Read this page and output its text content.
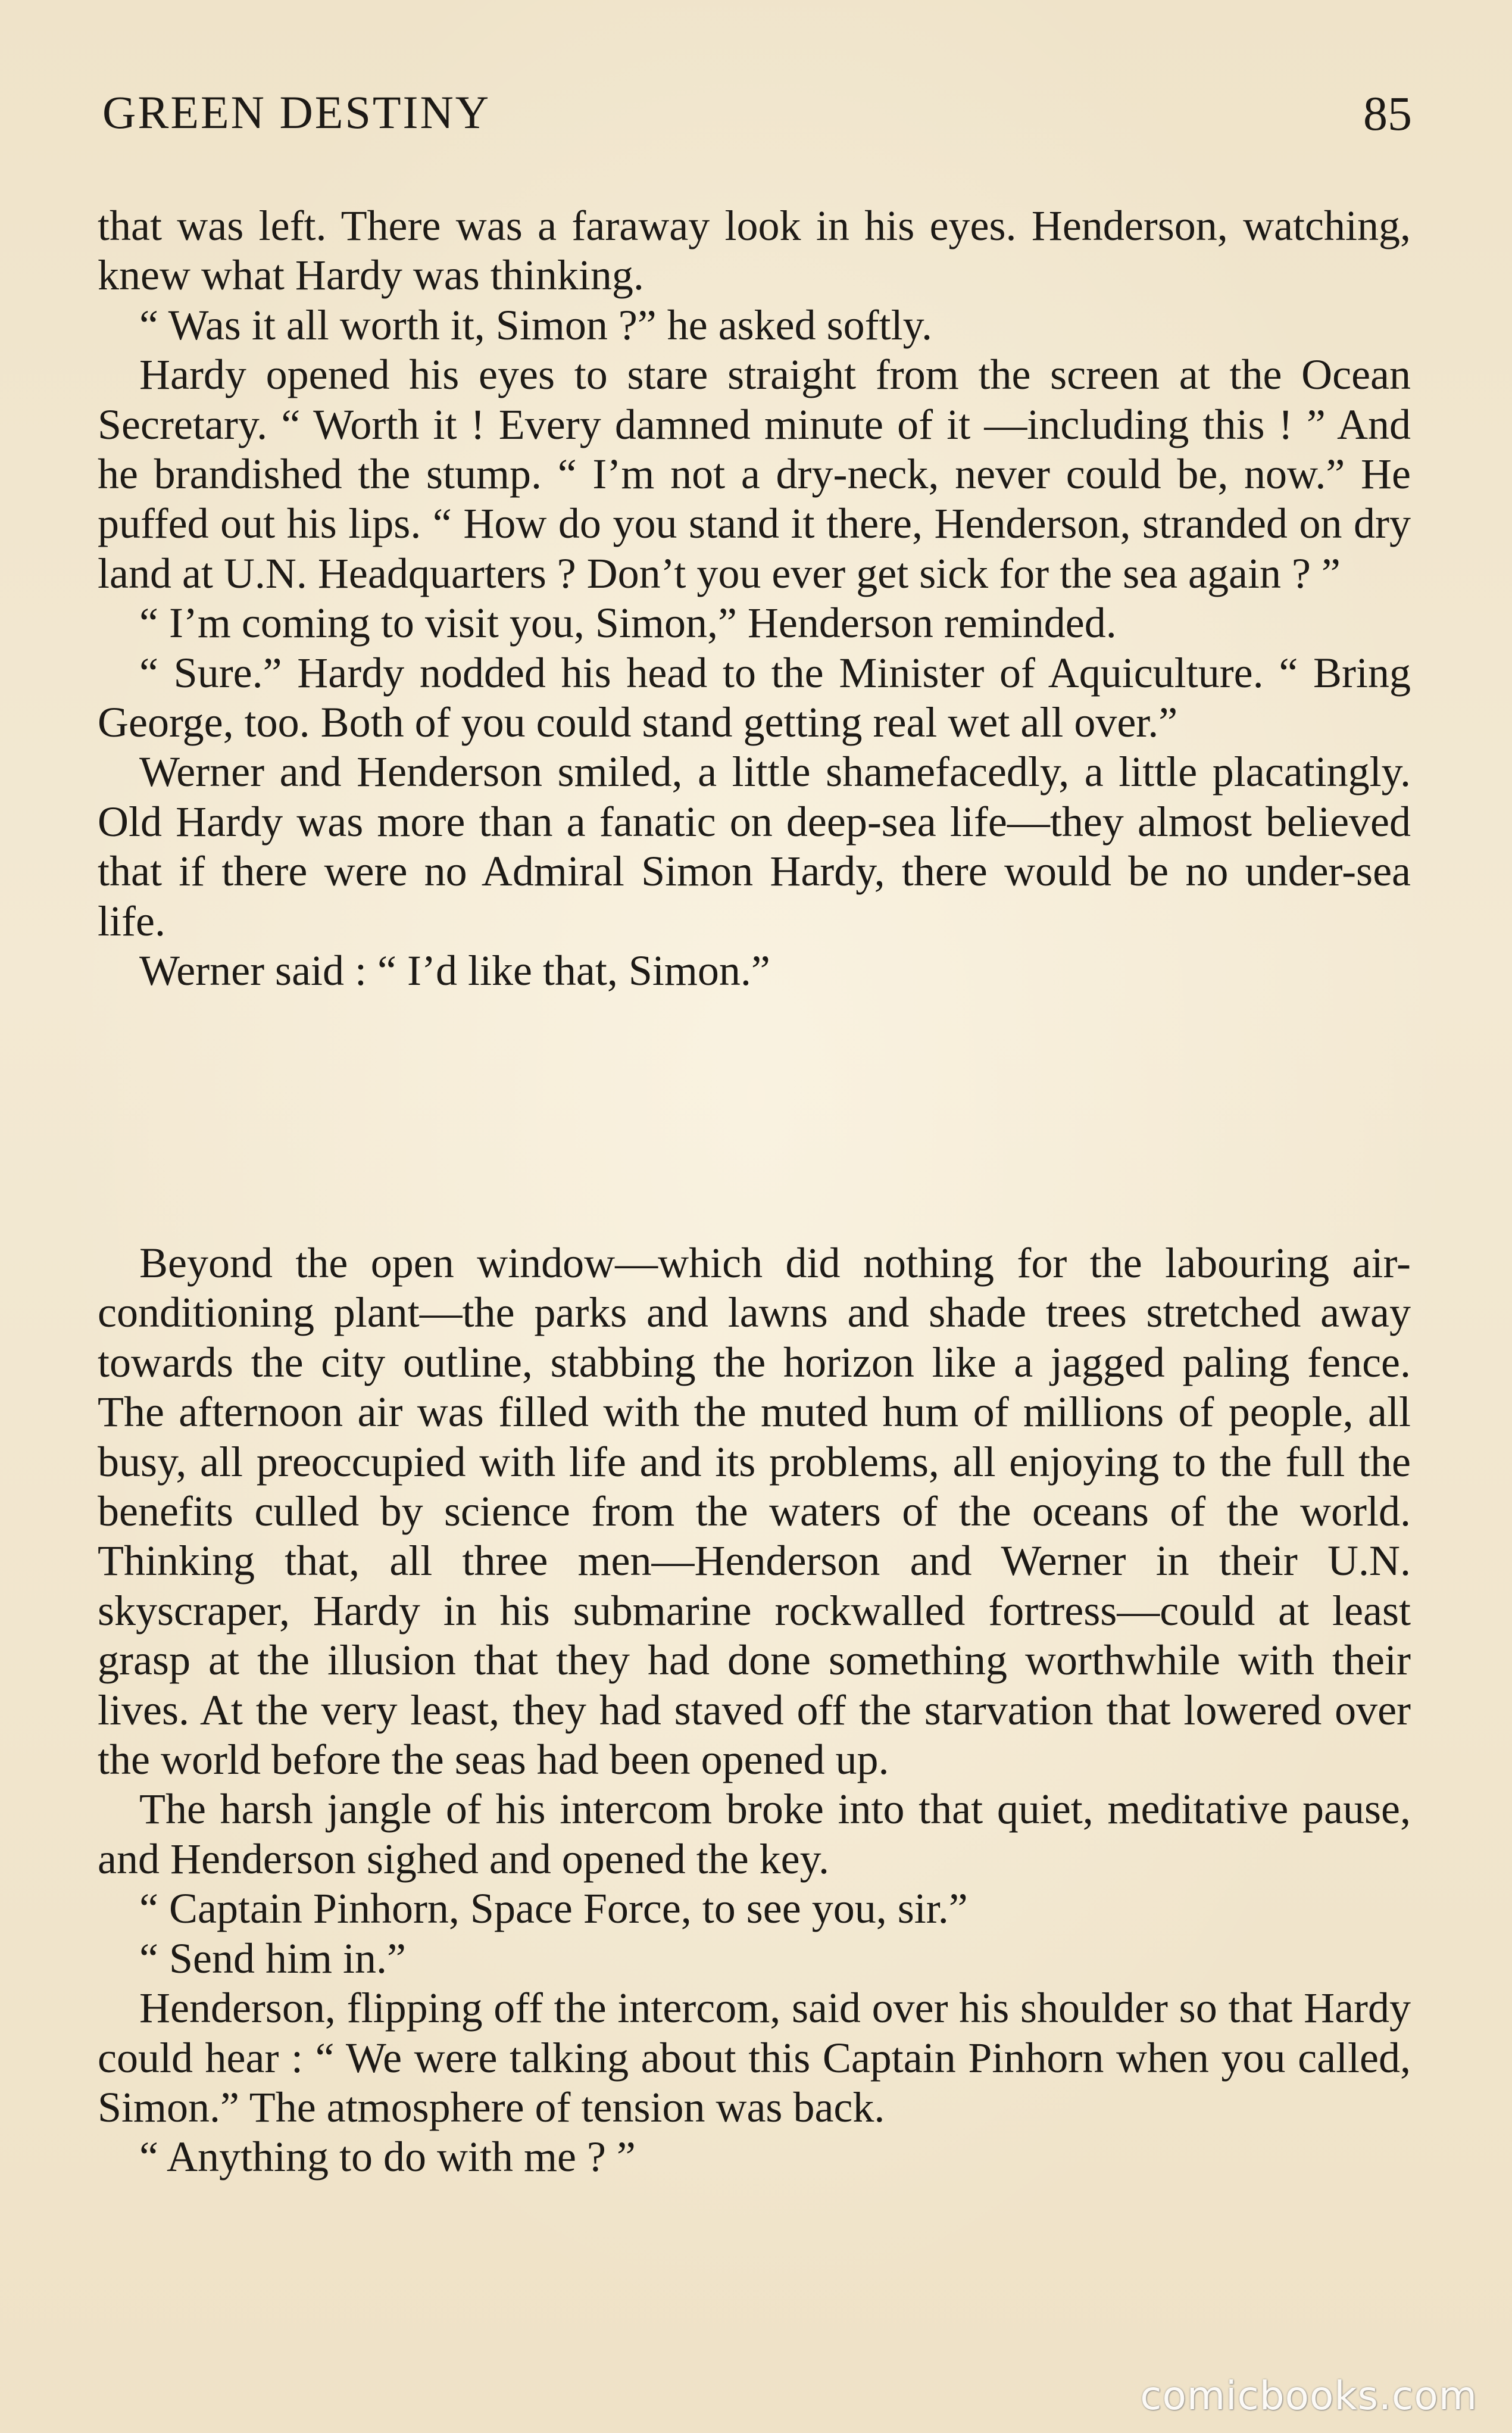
GREEN DESTINY	85

that was left. There was a faraway look in his eyes. Henderson, watching, knew what Hardy was thinking.

“ Was it all worth it, Simon ?” he asked softly.

Hardy opened his eyes to stare straight from the screen at the Ocean Secretary. “ Worth it ! Every damned minute of it —including this ! ” And he brandished the stump. “ I’m not a dry-neck, never could be, now.” He puffed out his lips. “ How do you stand it there, Henderson, stranded on dry land at U.N. Headquarters ? Don’t you ever get sick for the sea again ? ”

“ I’m coming to visit you, Simon,” Henderson reminded.

“ Sure.” Hardy nodded his head to the Minister of Aquiculture. “ Bring George, too. Both of you could stand getting real wet all over.”

Werner and Henderson smiled, a little shamefacedly, a little placatingly. Old Hardy was more than a fanatic on deep-sea life—they almost believed that if there were no Admiral Simon Hardy, there would be no under-sea life.

Werner said : “ I’d like that, Simon.”

Beyond the open window—which did nothing for the labouring air-conditioning plant—the parks and lawns and shade trees stretched away towards the city outline, stabbing the horizon like a jagged paling fence. The afternoon air was filled with the muted hum of millions of people, all busy, all preoccupied with life and its problems, all enjoying to the full the benefits culled by science from the waters of the oceans of the world. Thinking that, all three men—Henderson and Werner in their U.N. skyscraper, Hardy in his submarine rockwalled fortress—could at least grasp at the illusion that they had done something worthwhile with their lives. At the very least, they had staved off the starvation that lowered over the world before the seas had been opened up.

The harsh jangle of his intercom broke into that quiet, meditative pause, and Henderson sighed and opened the key.

“ Captain Pinhorn, Space Force, to see you, sir.”

“ Send him in.”

Henderson, flipping off the intercom, said over his shoulder so that Hardy could hear : “ We were talking about this Captain Pinhorn when you called, Simon.” The atmosphere of tension was back.

“ Anything to do with me ? ”

comicbooks.com
